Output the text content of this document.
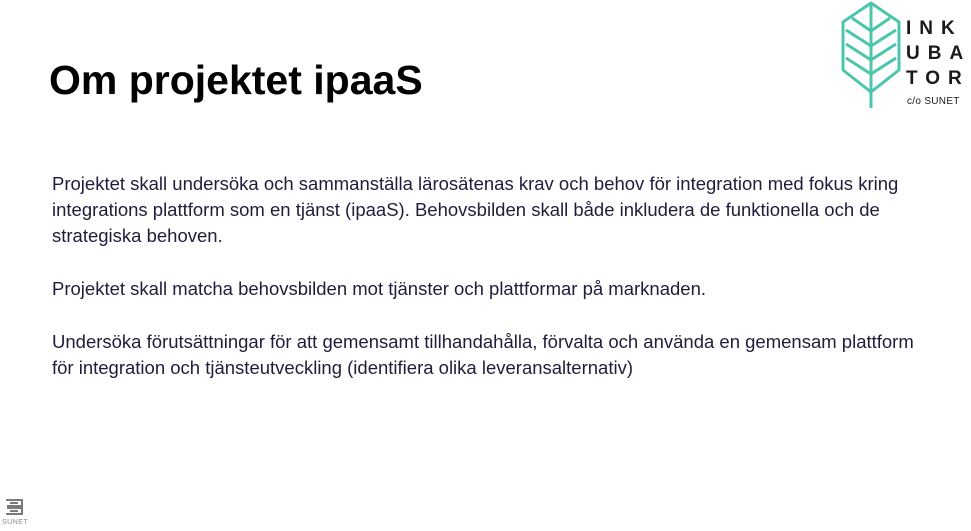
Om projektet ipaaS

Projektet skall undersöka och sammanställa lärosätenas krav och behov för integration med fokus kring integrations plattform som en tjänst (ipaaS). Behovsbilden skall både inkludera de funktionella och de strategiska behoven.

Projektet skall matcha behovsbilden mot tjänster och plattformar på marknaden.

Undersöka förutsättningar för att gemensamt tillhandahålla, förvalta och använda en gemensam plattform för integration och tjänsteutveckling (identifiera olika leveransalternativ)

INK
UBA
TOR
c/o SUNET
SUNET
